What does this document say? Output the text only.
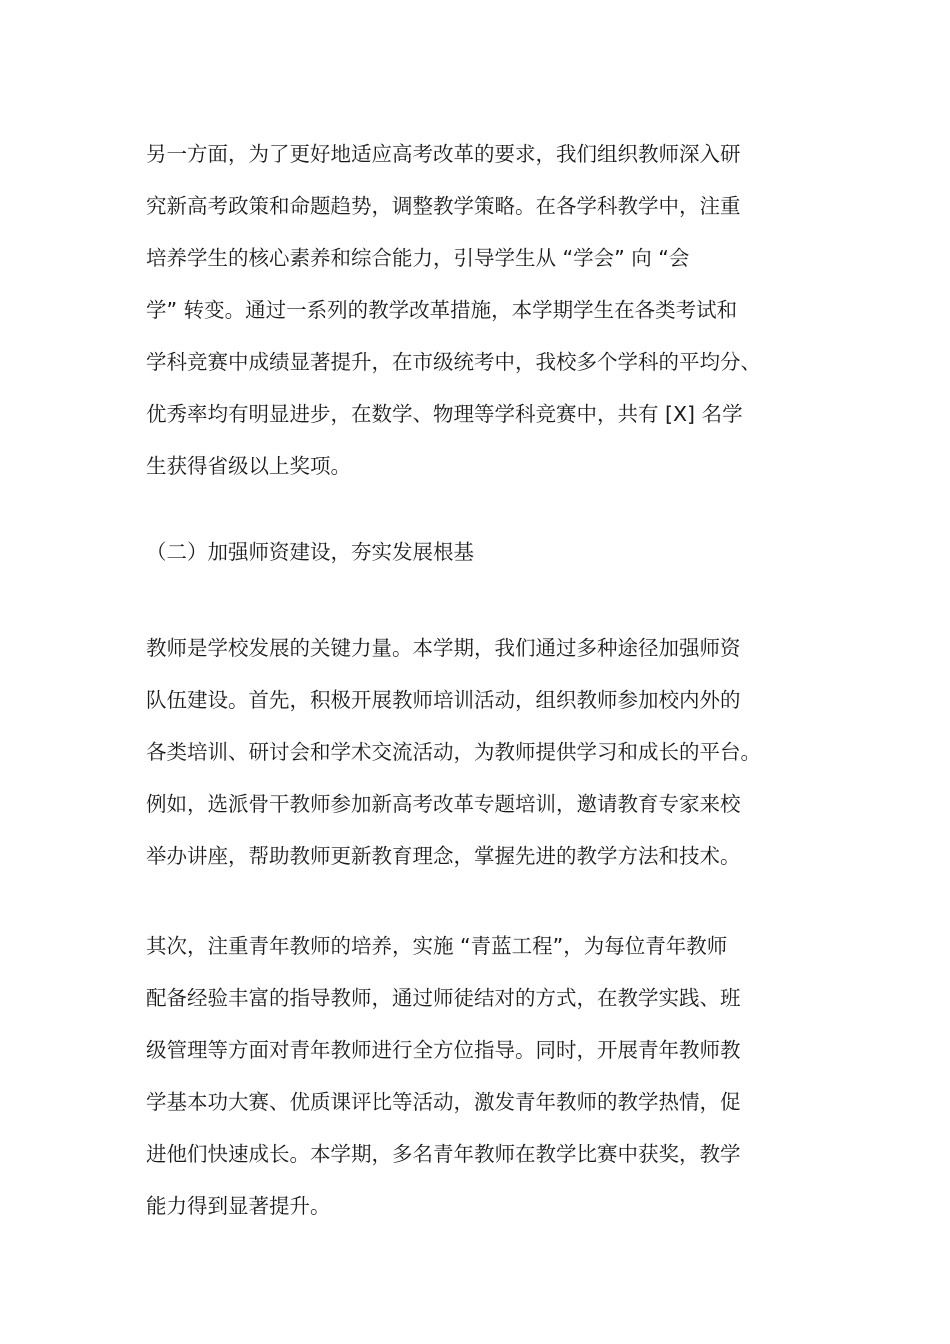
另一方面，为了更好地适应高考改革的要求，我们组织教师深入研
究新高考政策和命题趋势，调整教学策略。在各学科教学中，注重
培养学生的核心素养和综合能力，引导学生从 “学会” 向 “会
学” 转变。通过一系列的教学改革措施，本学期学生在各类考试和
学科竞赛中成绩显著提升，在市级统考中，我校多个学科的平均分、
优秀率均有明显进步，在数学、物理等学科竞赛中，共有 [X] 名学
生获得省级以上奖项。
（二）加强师资建设，夯实发展根基
教师是学校发展的关键力量。本学期，我们通过多种途径加强师资
队伍建设。首先，积极开展教师培训活动，组织教师参加校内外的
各类培训、研讨会和学术交流活动，为教师提供学习和成长的平台。
例如，选派骨干教师参加新高考改革专题培训，邀请教育专家来校
举办讲座，帮助教师更新教育理念，掌握先进的教学方法和技术。
其次，注重青年教师的培养，实施 “青蓝工程”，为每位青年教师
配备经验丰富的指导教师，通过师徒结对的方式，在教学实践、班
级管理等方面对青年教师进行全方位指导。同时，开展青年教师教
学基本功大赛、优质课评比等活动，激发青年教师的教学热情，促
进他们快速成长。本学期，多名青年教师在教学比赛中获奖，教学
能力得到显著提升。
